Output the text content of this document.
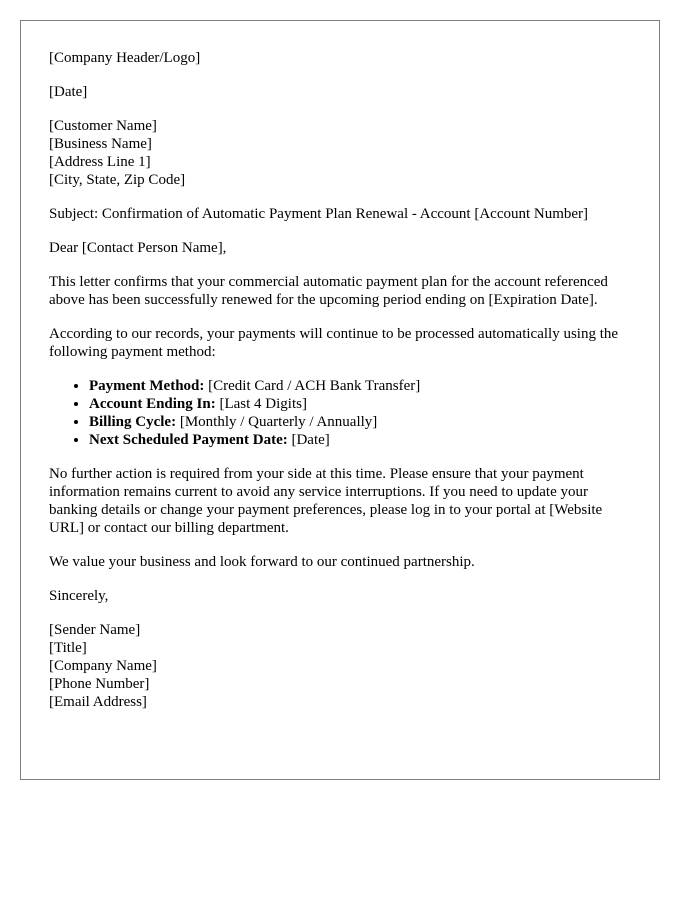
[Company Header/Logo]

[Date]

[Customer Name]
[Business Name]
[Address Line 1]
[City, State, Zip Code]

Subject: Confirmation of Automatic Payment Plan Renewal - Account [Account Number]

Dear [Contact Person Name],

This letter confirms that your commercial automatic payment plan for the account referenced above has been successfully renewed for the upcoming period ending on [Expiration Date].

According to our records, your payments will continue to be processed automatically using the following payment method:

• Payment Method: [Credit Card / ACH Bank Transfer]
• Account Ending In: [Last 4 Digits]
• Billing Cycle: [Monthly / Quarterly / Annually]
• Next Scheduled Payment Date: [Date]

No further action is required from your side at this time. Please ensure that your payment information remains current to avoid any service interruptions. If you need to update your banking details or change your payment preferences, please log in to your portal at [Website URL] or contact our billing department.

We value your business and look forward to our continued partnership.

Sincerely,

[Sender Name]
[Title]
[Company Name]
[Phone Number]
[Email Address]
